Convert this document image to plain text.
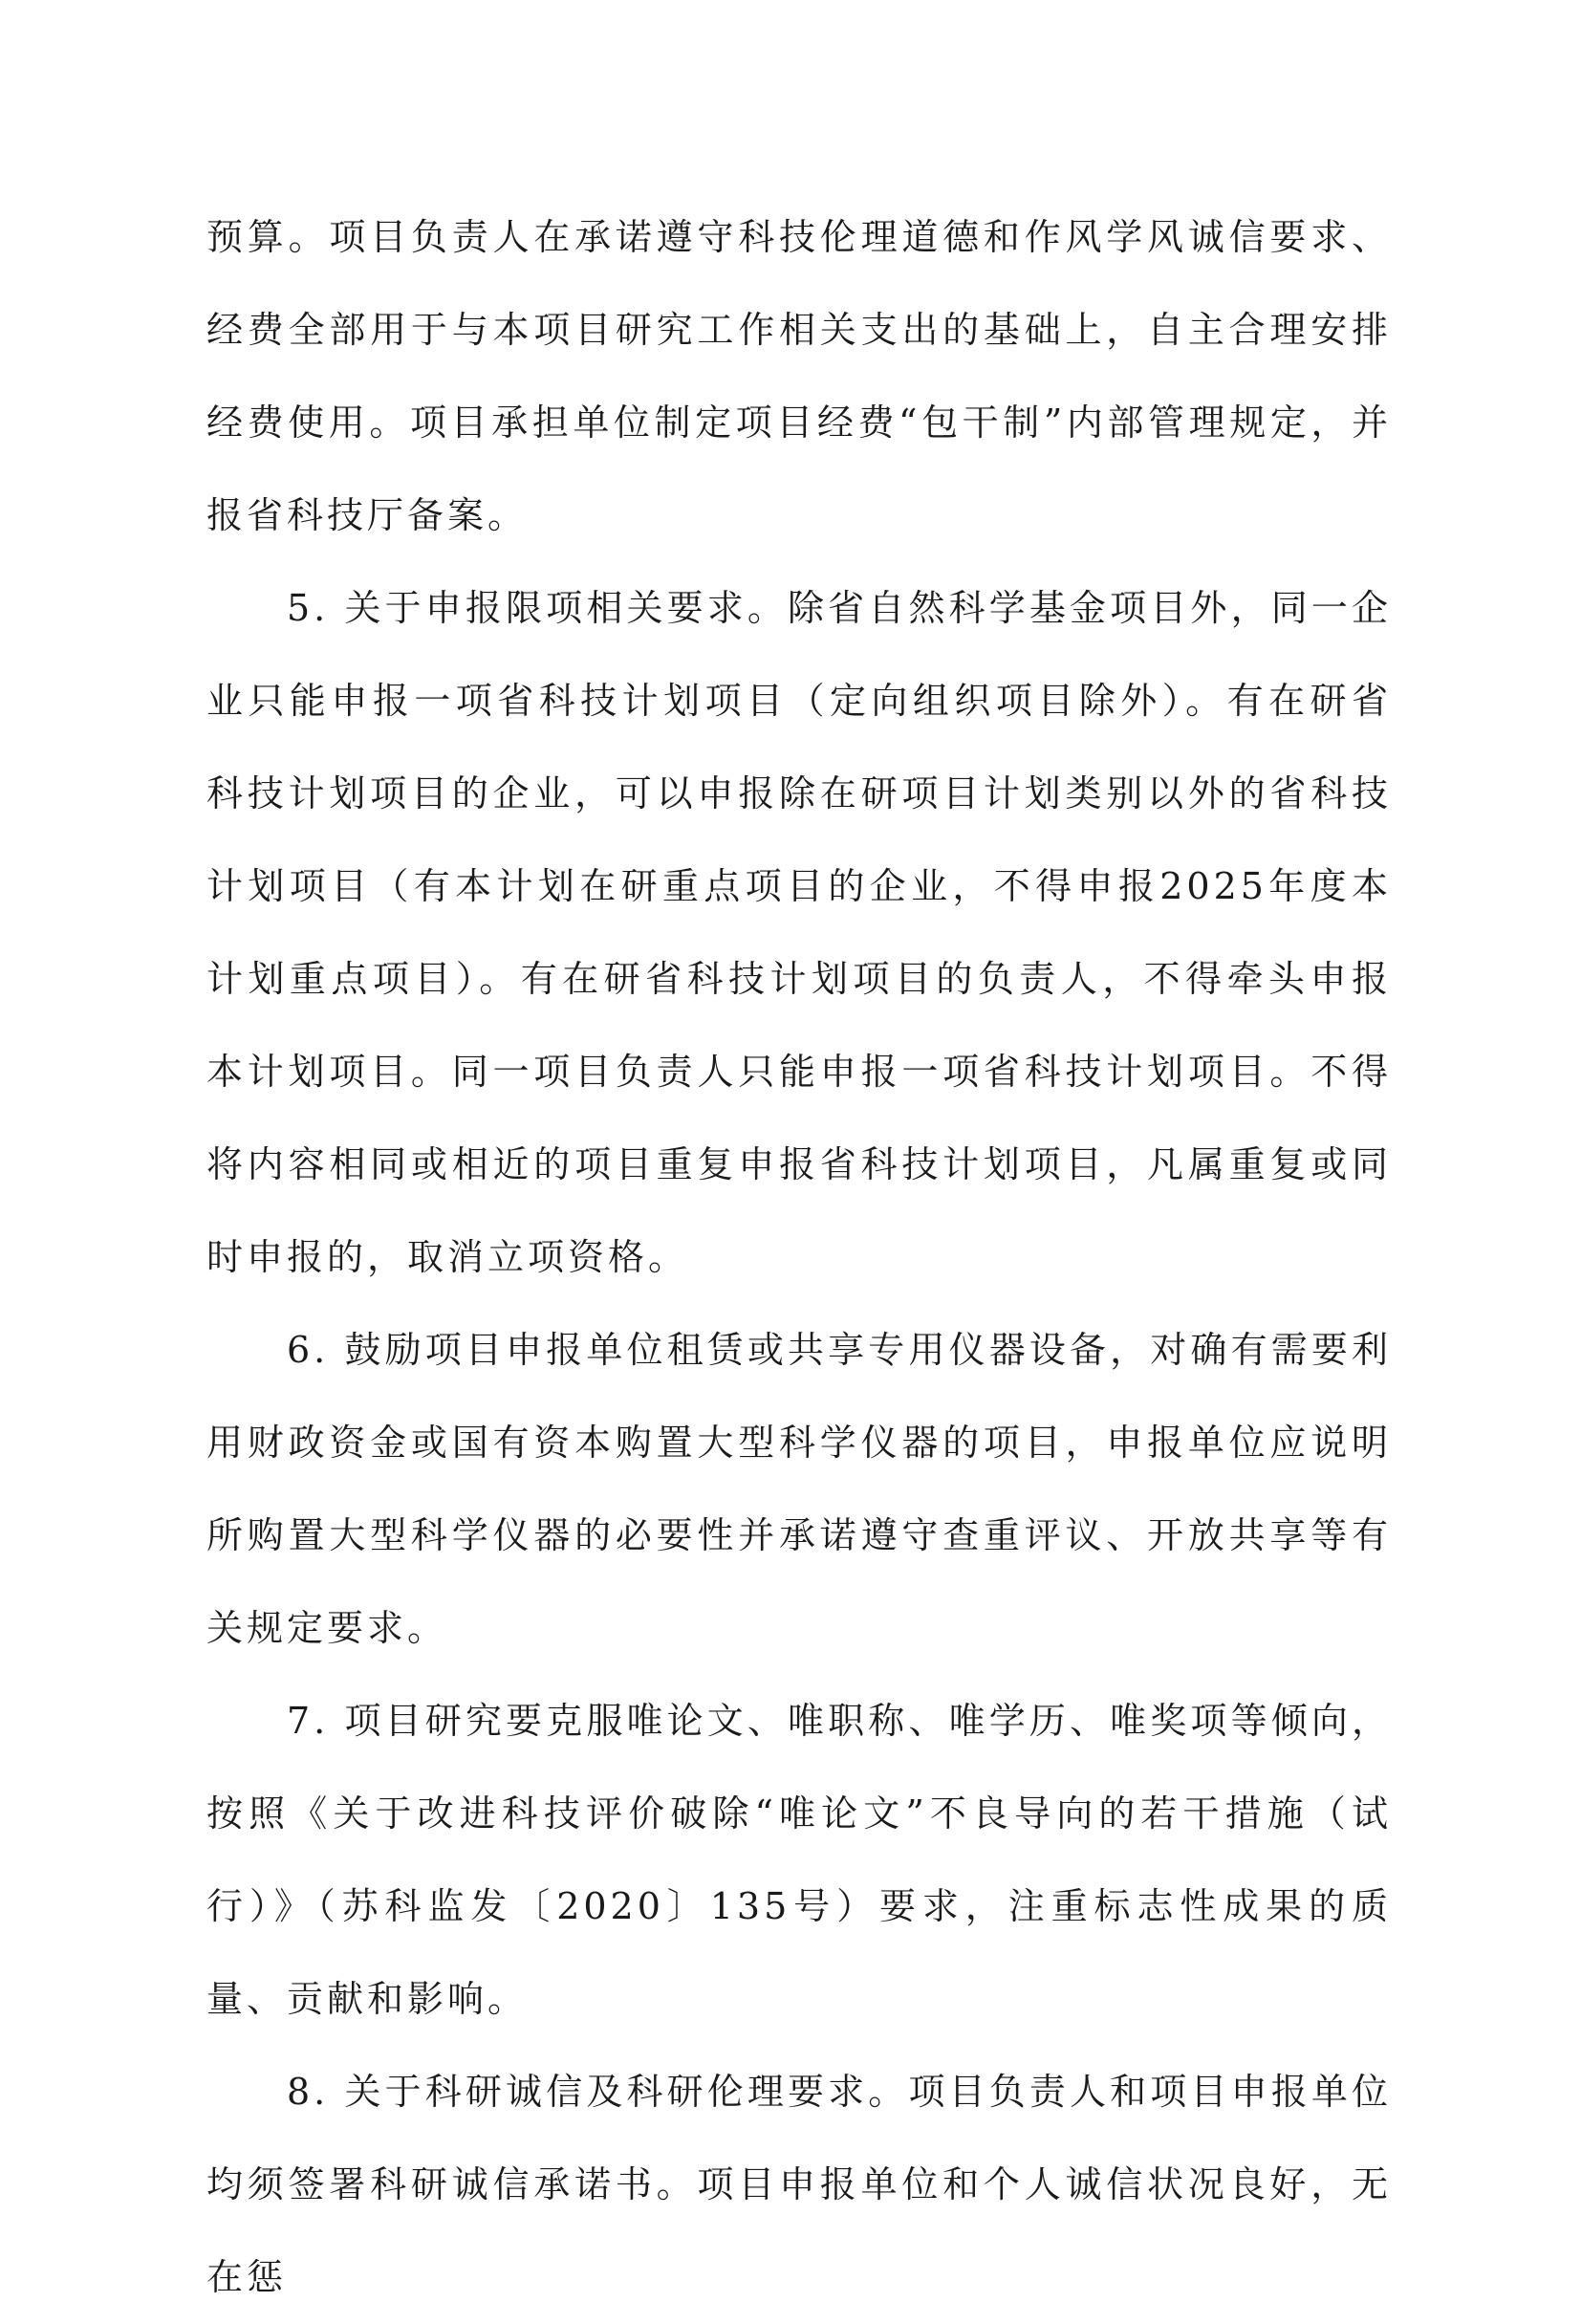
预算。项目负责人在承诺遵守科技伦理道德和作风学风诚信要求、经费全部用于与本项目研究工作相关支出的基础上，自主合理安排经费使用。项目承担单位制定项目经费“包干制”内部管理规定，并报省科技厅备案。

5. 关于申报限项相关要求。除省自然科学基金项目外，同一企业只能申报一项省科技计划项目（定向组织项目除外）。有在研省科技计划项目的企业，可以申报除在研项目计划类别以外的省科技计划项目（有本计划在研重点项目的企业，不得申报2025年度本计划重点项目）。有在研省科技计划项目的负责人，不得牵头申报本计划项目。同一项目负责人只能申报一项省科技计划项目。不得将内容相同或相近的项目重复申报省科技计划项目，凡属重复或同时申报的，取消立项资格。

6. 鼓励项目申报单位租赁或共享专用仪器设备，对确有需要利用财政资金或国有资本购置大型科学仪器的项目，申报单位应说明所购置大型科学仪器的必要性并承诺遵守查重评议、开放共享等有关规定要求。

7. 项目研究要克服唯论文、唯职称、唯学历、唯奖项等倾向，按照《关于改进科技评价破除“唯论文”不良导向的若干措施（试行）》（苏科监发〔2020〕135号）要求，注重标志性成果的质量、贡献和影响。

8. 关于科研诚信及科研伦理要求。项目负责人和项目申报单位均须签署科研诚信承诺书。项目申报单位和个人诚信状况良好，无在惩
